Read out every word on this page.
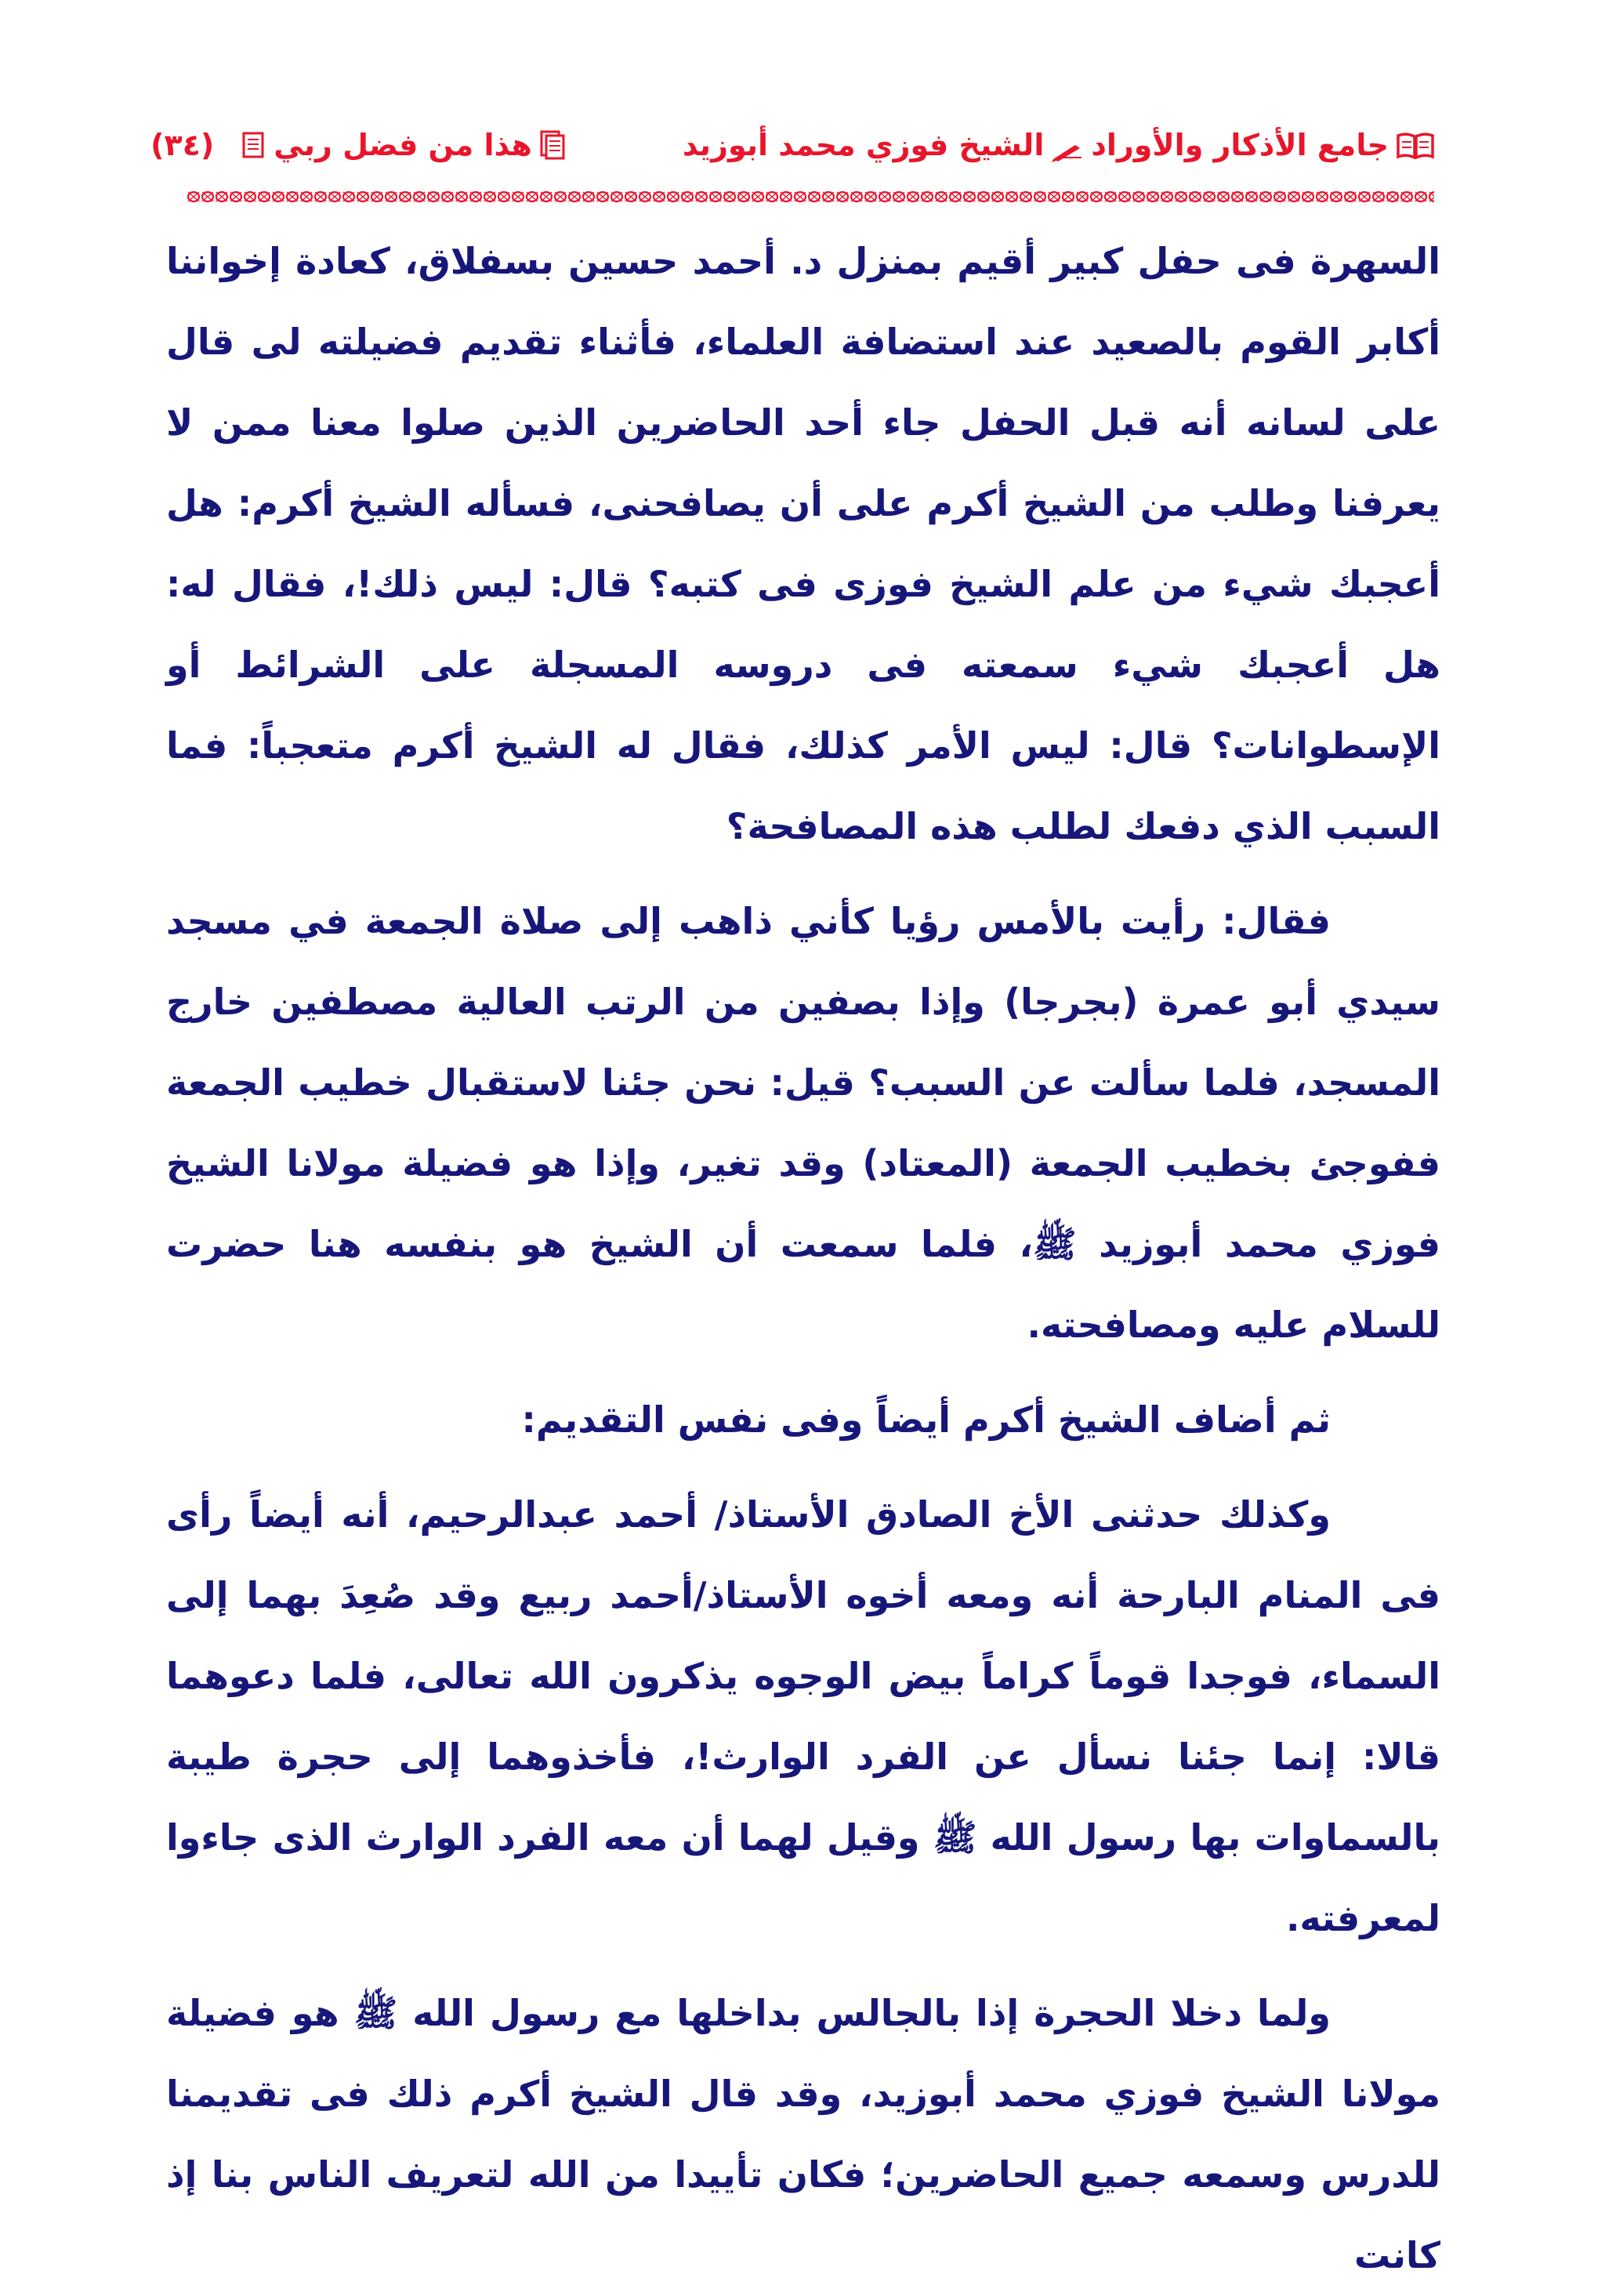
جامع الأذكار والأوراد
الشيخ فوزي محمد أبوزيد
هذا من فضل ربي
(٣٤)

السهرة فى حفل كبير أقيم بمنزل د. أحمد حسين بسفلاق، كعادة إخواننا أكابر القوم بالصعيد عند استضافة العلماء، فأثناء تقديم فضيلته لى قال على لسانه أنه قبل الحفل جاء أحد الحاضرين الذين صلوا معنا ممن لا يعرفنا وطلب من الشيخ أكرم على أن يصافحنى، فسأله الشيخ أكرم: هل أعجبك شيء من علم الشيخ فوزى فى كتبه؟ قال: ليس ذلك!، فقال له: هل أعجبك شيء سمعته فى دروسه المسجلة على الشرائط أو الإسطوانات؟ قال: ليس الأمر كذلك، فقال له الشيخ أكرم متعجباً: فما السبب الذي دفعك لطلب هذه المصافحة؟

فقال: رأيت بالأمس رؤيا كأني ذاهب إلى صلاة الجمعة في مسجد سيدي أبو عمرة (بجرجا) وإذا بصفين من الرتب العالية مصطفين خارج المسجد، فلما سألت عن السبب؟ قيل: نحن جئنا لاستقبال خطيب الجمعة ففوجئ بخطيب الجمعة (المعتاد) وقد تغير، وإذا هو فضيلة مولانا الشيخ فوزي محمد أبوزيد ﷺ، فلما سمعت أن الشيخ هو بنفسه هنا حضرت للسلام عليه ومصافحته.

ثم أضاف الشيخ أكرم أيضاً وفى نفس التقديم:

وكذلك حدثنى الأخ الصادق الأستاذ/ أحمد عبدالرحيم، أنه أيضاً رأى فى المنام البارحة أنه ومعه أخوه الأستاذ/أحمد ربيع وقد صُعِدَ بهما إلى السماء، فوجدا قوماً كراماً بيض الوجوه يذكرون الله تعالى، فلما دعوهما قالا: إنما جئنا نسأل عن الفرد الوارث!، فأخذوهما إلى حجرة طيبة بالسماوات بها رسول الله ﷺ وقيل لهما أن معه الفرد الوارث الذى جاءوا لمعرفته.

ولما دخلا الحجرة إذا بالجالس بداخلها مع رسول الله ﷺ هو فضيلة مولانا الشيخ فوزي محمد أبوزيد، وقد قال الشيخ أكرم ذلك فى تقديمنا للدرس وسمعه جميع الحاضرين؛ فكان تأييدا من الله لتعريف الناس بنا إذ كانت
